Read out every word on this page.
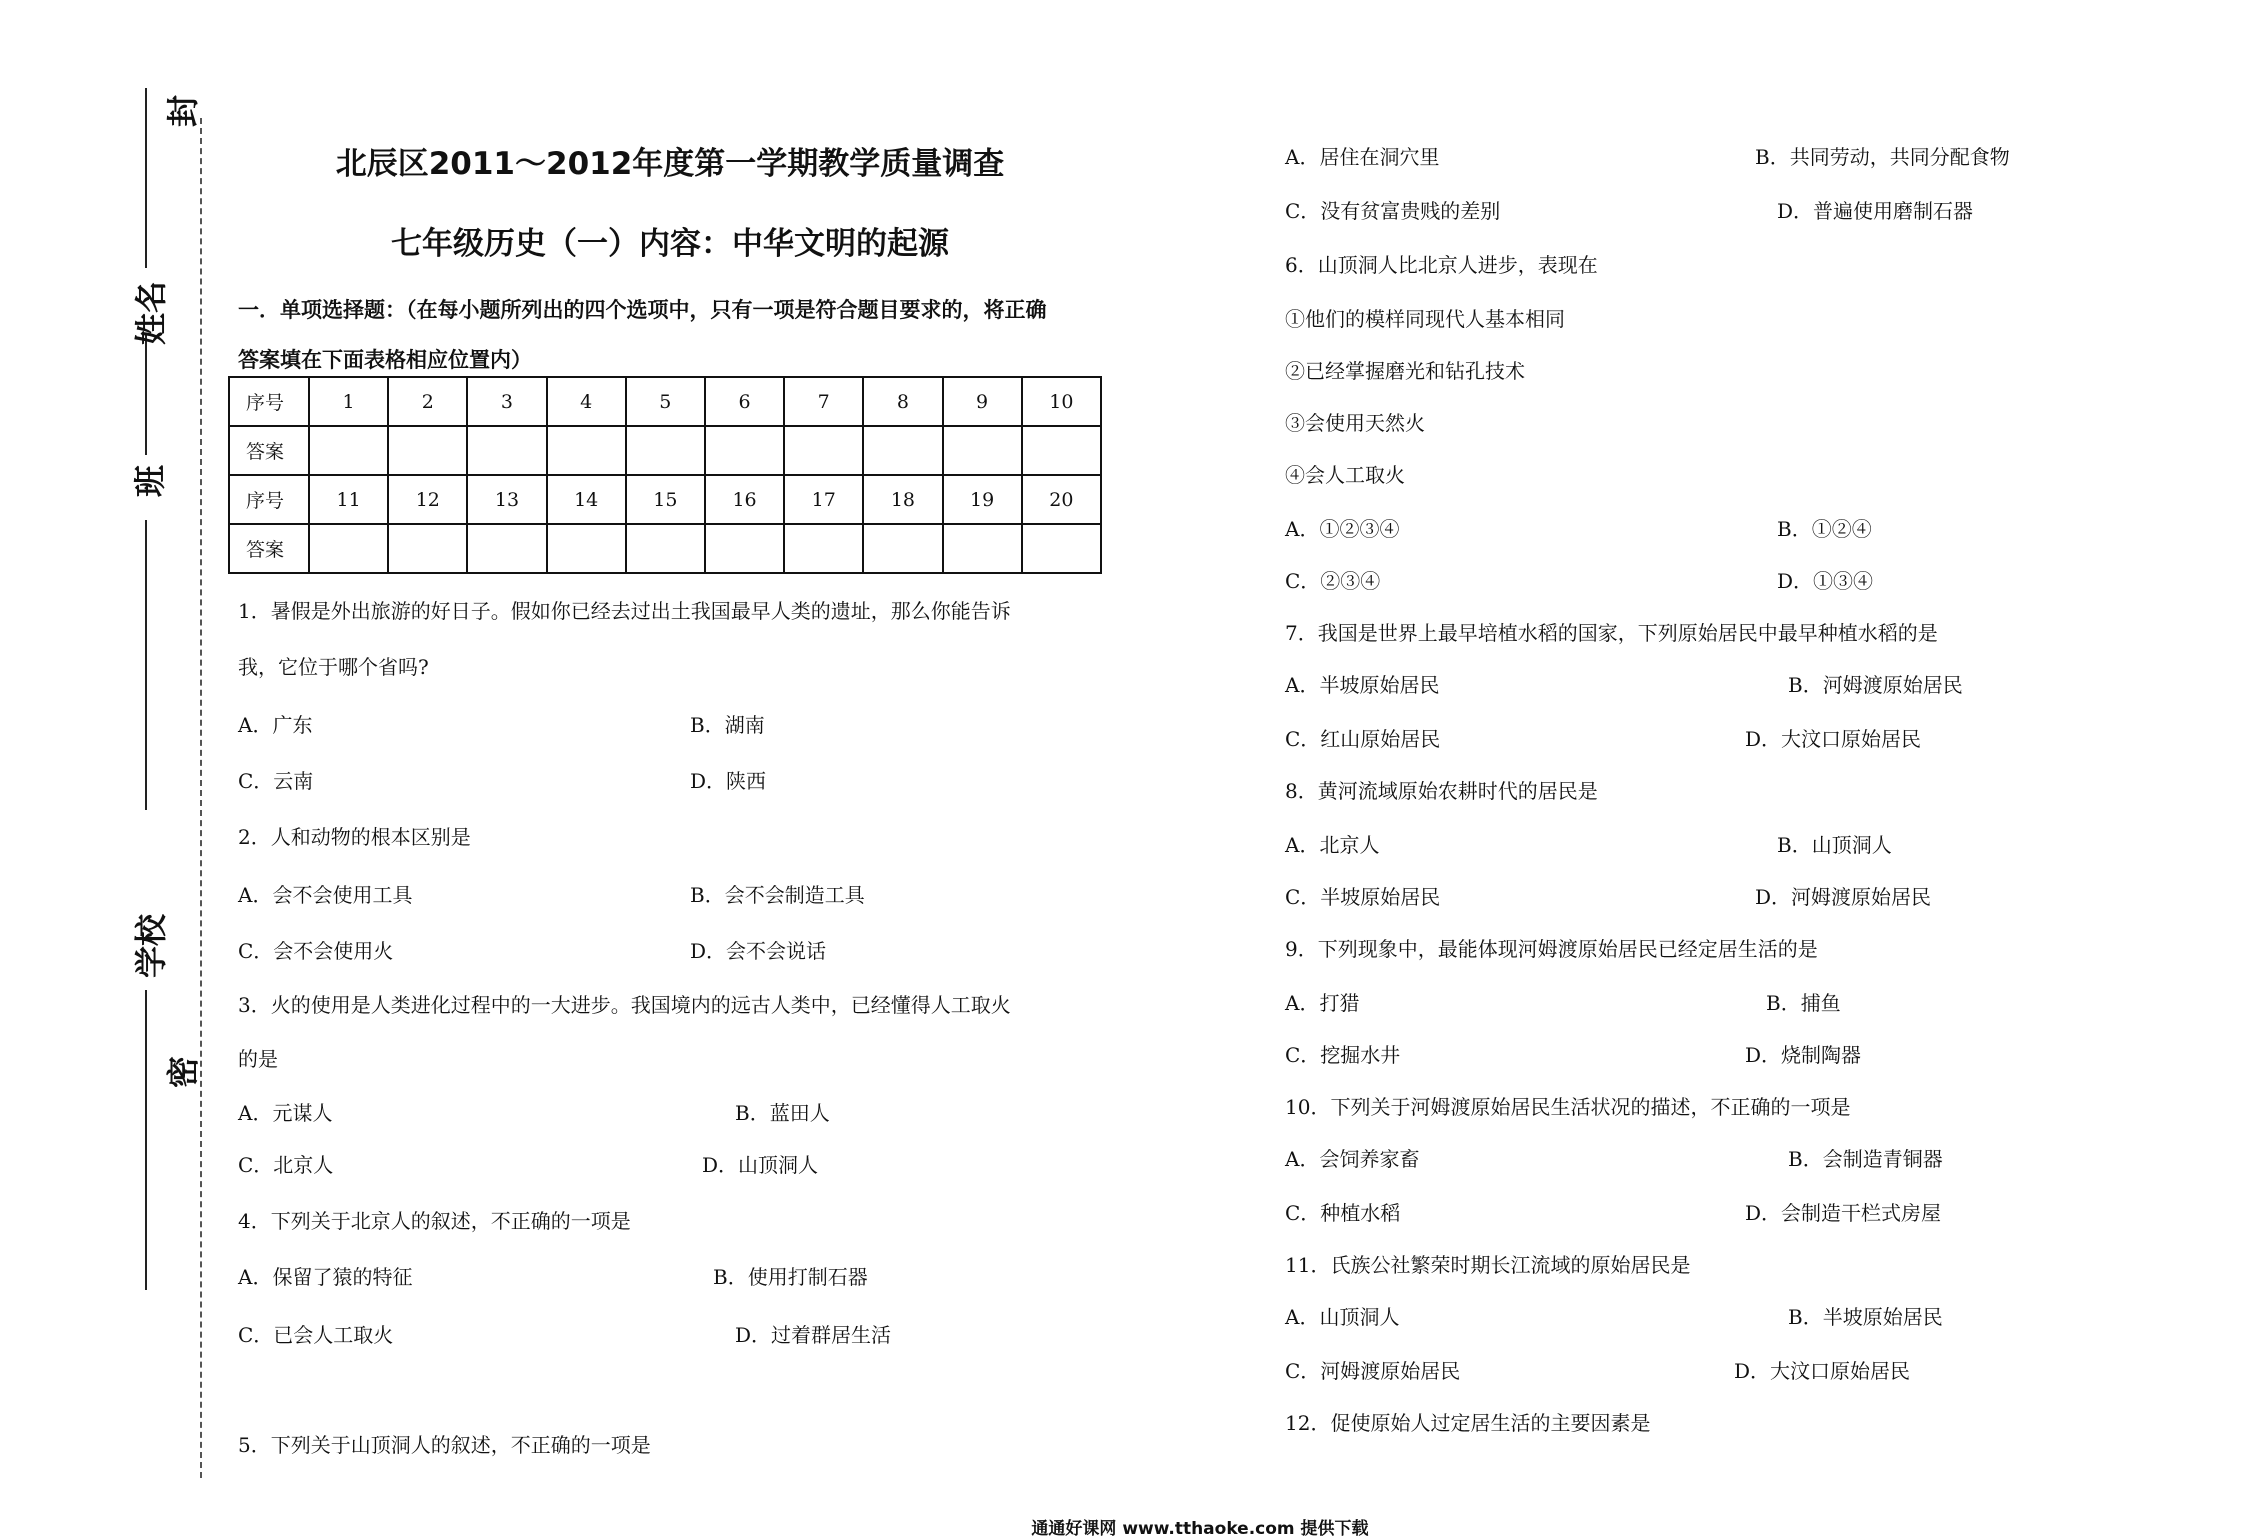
封
密
姓名
班
学校
北辰区2011～2012年度第一学期教学质量调查
七年级历史（一）内容：中华文明的起源
一．单项选择题：（在每小题所列出的四个选项中，只有一项是符合题目要求的，将正确
答案填在下面表格相应位置内）
序号	1	2	3	4	5	6	7	8	9	10
答案										
序号	11	12	13	14	15	16	17	18	19	20
答案										
1．暑假是外出旅游的好日子。假如你已经去过出土我国最早人类的遗址，那么你能告诉
我，它位于哪个省吗?
A．广东	B．湖南
C．云南	D．陕西
2．人和动物的根本区别是
A．会不会使用工具	B．会不会制造工具
C．会不会使用火	D．会不会说话
3．火的使用是人类进化过程中的一大进步。我国境内的远古人类中，已经懂得人工取火
的是
A．元谋人	B．蓝田人
C．北京人	D．山顶洞人
4．下列关于北京人的叙述，不正确的一项是
A．保留了猿的特征	B．使用打制石器
C．已会人工取火	D．过着群居生活
5．下列关于山顶洞人的叙述，不正确的一项是
A．居住在洞穴里	B．共同劳动，共同分配食物
C．没有贫富贵贱的差别	D．普遍使用磨制石器
6．山顶洞人比北京人进步，表现在
①他们的模样同现代人基本相同
②已经掌握磨光和钻孔技术
③会使用天然火
④会人工取火
A．①②③④	B．①②④
C．②③④	D．①③④
7．我国是世界上最早培植水稻的国家，下列原始居民中最早种植水稻的是
A．半坡原始居民	B．河姆渡原始居民
C．红山原始居民	D．大汶口原始居民
8．黄河流域原始农耕时代的居民是
A．北京人	B．山顶洞人
C．半坡原始居民	D．河姆渡原始居民
9．下列现象中，最能体现河姆渡原始居民已经定居生活的是
A．打猎	B．捕鱼
C．挖掘水井	D．烧制陶器
10．下列关于河姆渡原始居民生活状况的描述，不正确的一项是
A．会饲养家畜	B．会制造青铜器
C．种植水稻	D．会制造干栏式房屋
11．氏族公社繁荣时期长江流域的原始居民是
A．山顶洞人	B．半坡原始居民
C．河姆渡原始居民	D．大汶口原始居民
12．促使原始人过定居生活的主要因素是
通通好课网 www.tthaoke.com 提供下载
